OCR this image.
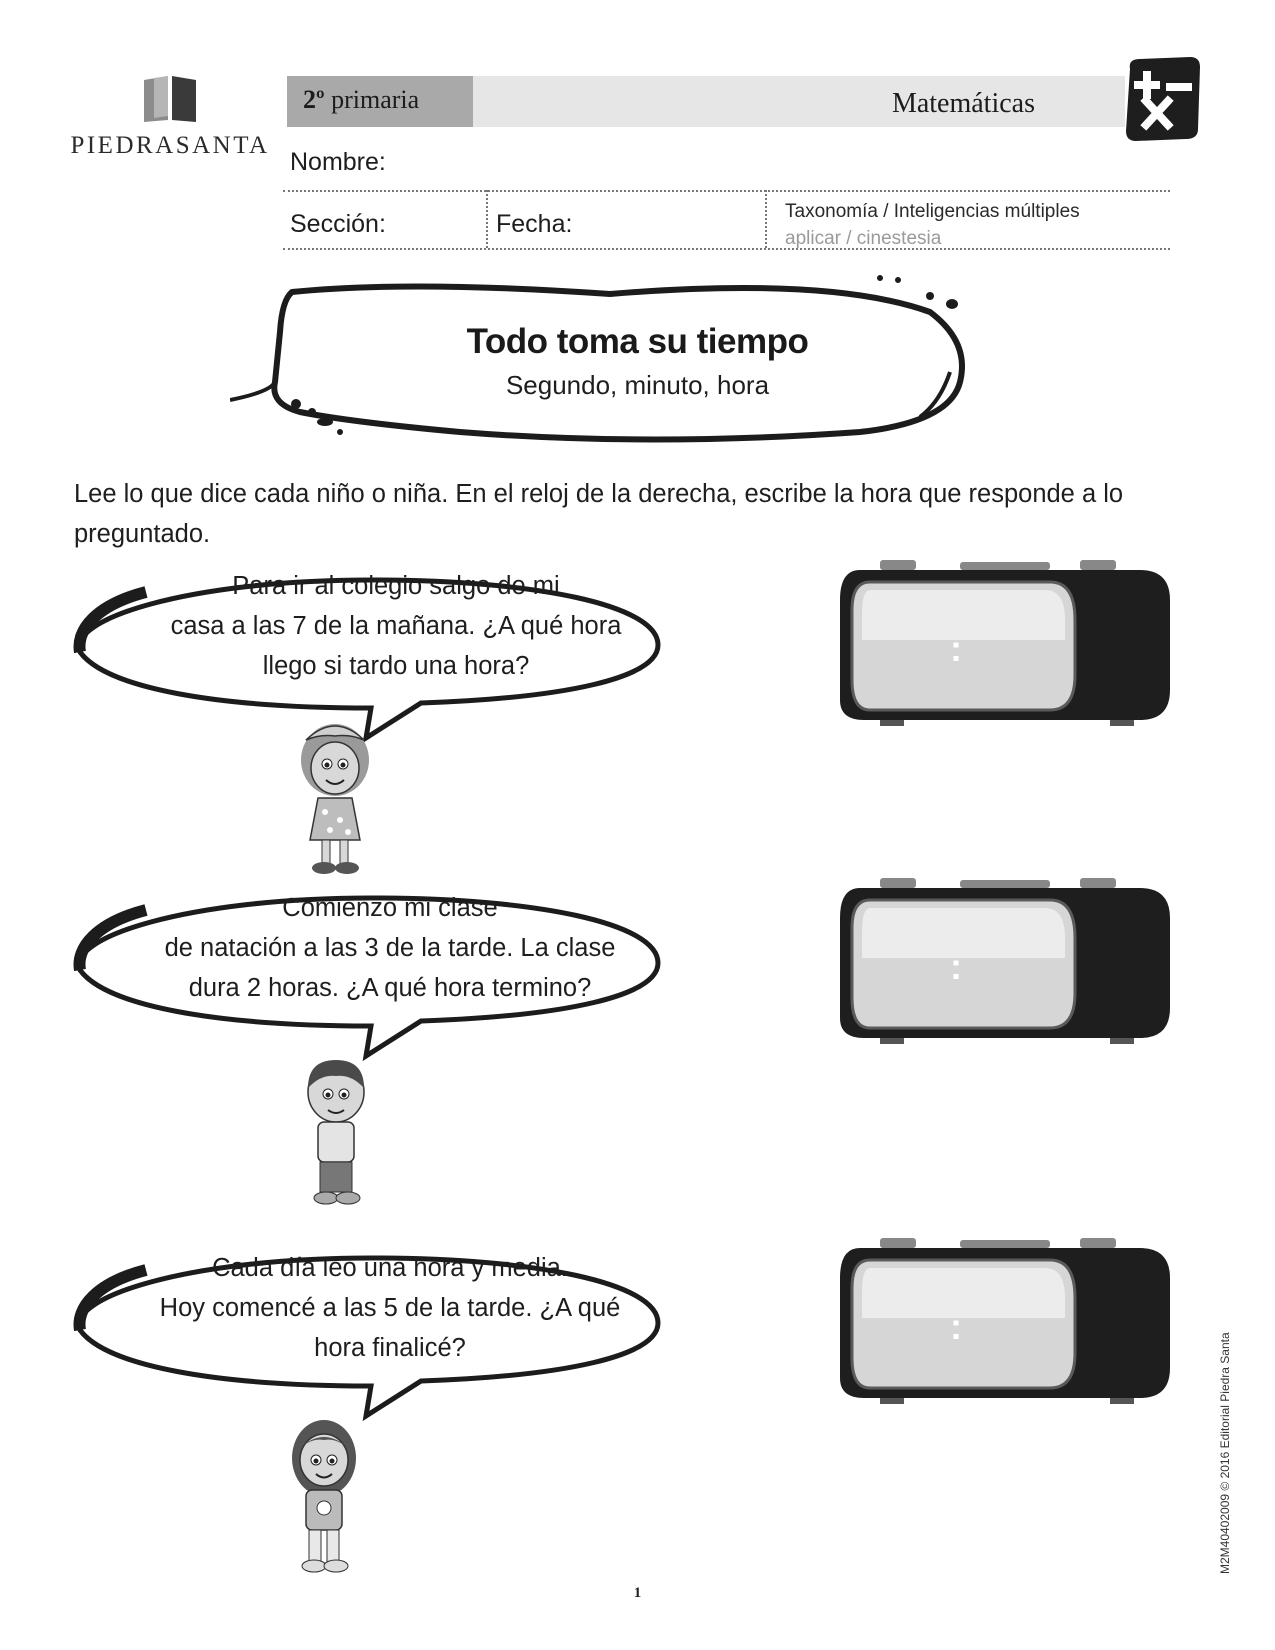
PIEDRASANTA
2º primaria	Matemáticas
Nombre:
Sección:	Fecha:	Taxonomía / Inteligencias múltiples
aplicar / cinestesia
Todo toma su tiempo
Segundo, minuto, hora
Lee lo que dice cada niño o niña. En el reloj de la derecha, escribe la hora que responde a lo preguntado.
Para ir al colegio salgo de mi
casa a las 7 de la mañana. ¿A qué hora
llego si tardo una hora?	:
Comienzo mi clase
de natación a las 3 de la tarde. La clase
dura 2 horas. ¿A qué hora termino?
:
Cada día leo una hora y media.
Hoy comencé a las 5 de la tarde. ¿A qué
hora finalicé?
:
M2M40402009 © 2016 Editorial Piedra Santa
1
